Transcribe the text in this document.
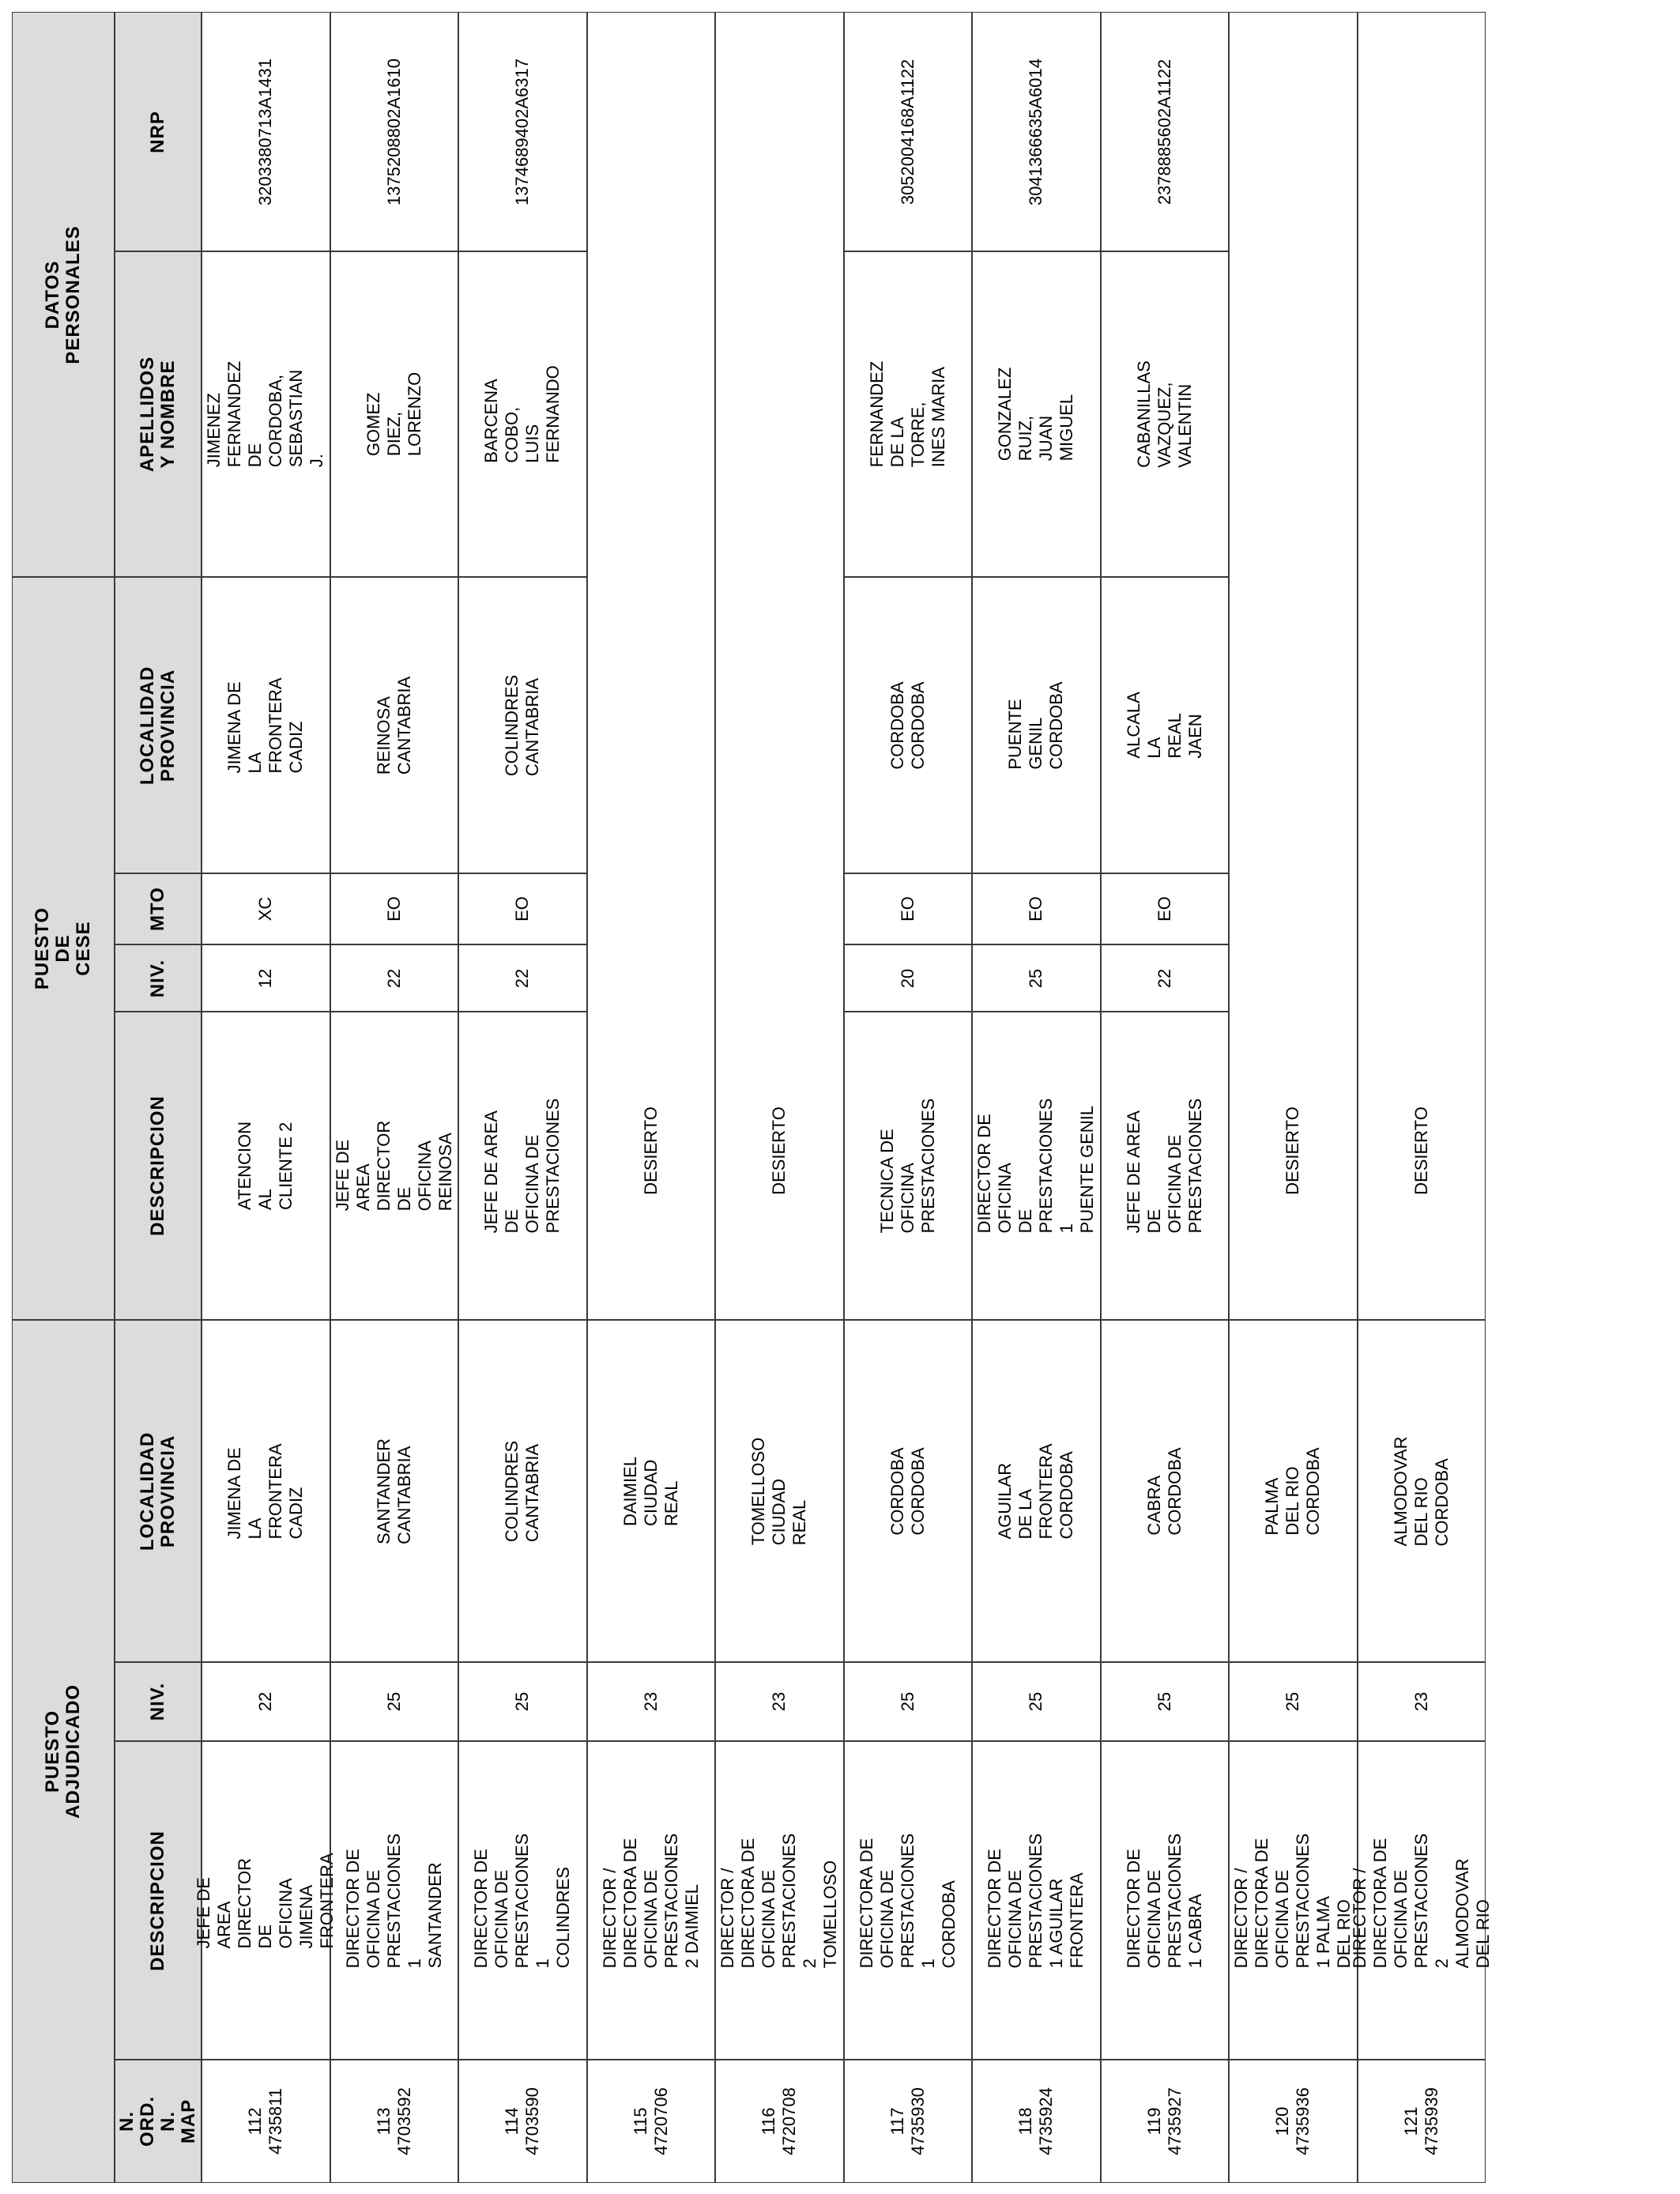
PUESTO ADJUDICADO
PUESTO DE CESE
DATOS PERSONALES
N. ORD.
N. MAP
DESCRIPCION
NIV.
LOCALIDAD
PROVINCIA
DESCRIPCION
NIV.
MTO
LOCALIDAD
PROVINCIA
APELLIDOS Y NOMBRE
NRP
112
4735811
JEFE DE AREA DIRECTOR
DE OFICINA JIMENA
FRONTERA
22
JIMENA DE LA FRONTERA
CADIZ
ATENCION AL CLIENTE 2
12
XC
JIMENA DE LA
FRONTERA
CADIZ
JIMENEZ FERNANDEZ DE
CORDOBA, SEBASTIAN J.
3203380713A1431
113
4703592
DIRECTOR DE OFICINA DE
PRESTACIONES 1
SANTANDER
25
SANTANDER
CANTABRIA
JEFE DE AREA DIRECTOR
DE OFICINA REINOSA
22
EO
REINOSA
CANTABRIA
GOMEZ DIEZ, LORENZO
1375208802A1610
114
4703590
DIRECTOR DE OFICINA DE
PRESTACIONES 1
COLINDRES
25
COLINDRES
CANTABRIA
JEFE DE AREA DE
OFICINA DE
PRESTACIONES
22
EO
COLINDRES
CANTABRIA
BARCENA COBO, LUIS
FERNANDO
1374689402A6317
115
4720706
DIRECTOR / DIRECTORA DE
OFICINA DE
PRESTACIONES 2 DAIMIEL
23
DAIMIEL
CIUDAD REAL
DESIERTO
116
4720708
DIRECTOR / DIRECTORA DE
OFICINA DE
PRESTACIONES 2
TOMELLOSO
23
TOMELLOSO
CIUDAD REAL
DESIERTO
117
4735930
DIRECTORA DE OFICINA DE
PRESTACIONES 1
CORDOBA
25
CORDOBA
CORDOBA
TECNICA DE OFICINA
PRESTACIONES
20
EO
CORDOBA
CORDOBA
FERNANDEZ DE LA TORRE,
INES MARIA
3052004168A1122
118
4735924
DIRECTOR DE OFICINA DE
PRESTACIONES 1 AGUILAR
FRONTERA
25
AGUILAR DE LA FRONTERA
CORDOBA
DIRECTOR DE OFICINA
DE PRESTACIONES 1
PUENTE GENIL
25
EO
PUENTE GENIL
CORDOBA
GONZALEZ RUIZ, JUAN
MIGUEL
3041366635A6014
119
4735927
DIRECTOR DE OFICINA DE
PRESTACIONES 1 CABRA
25
CABRA
CORDOBA
JEFE DE AREA DE
OFICINA DE
PRESTACIONES
22
EO
ALCALA LA REAL
JAEN
CABANILLAS VAZQUEZ,
VALENTIN
2378885602A1122
120
4735936
DIRECTOR / DIRECTORA DE
OFICINA DE
PRESTACIONES 1 PALMA
DEL RIO
25
PALMA DEL RIO
CORDOBA
DESIERTO
121
4735939
DIRECTOR / DIRECTORA DE
OFICINA DE
PRESTACIONES 2
ALMODOVAR DEL RIO
23
ALMODOVAR DEL RIO
CORDOBA
DESIERTO
